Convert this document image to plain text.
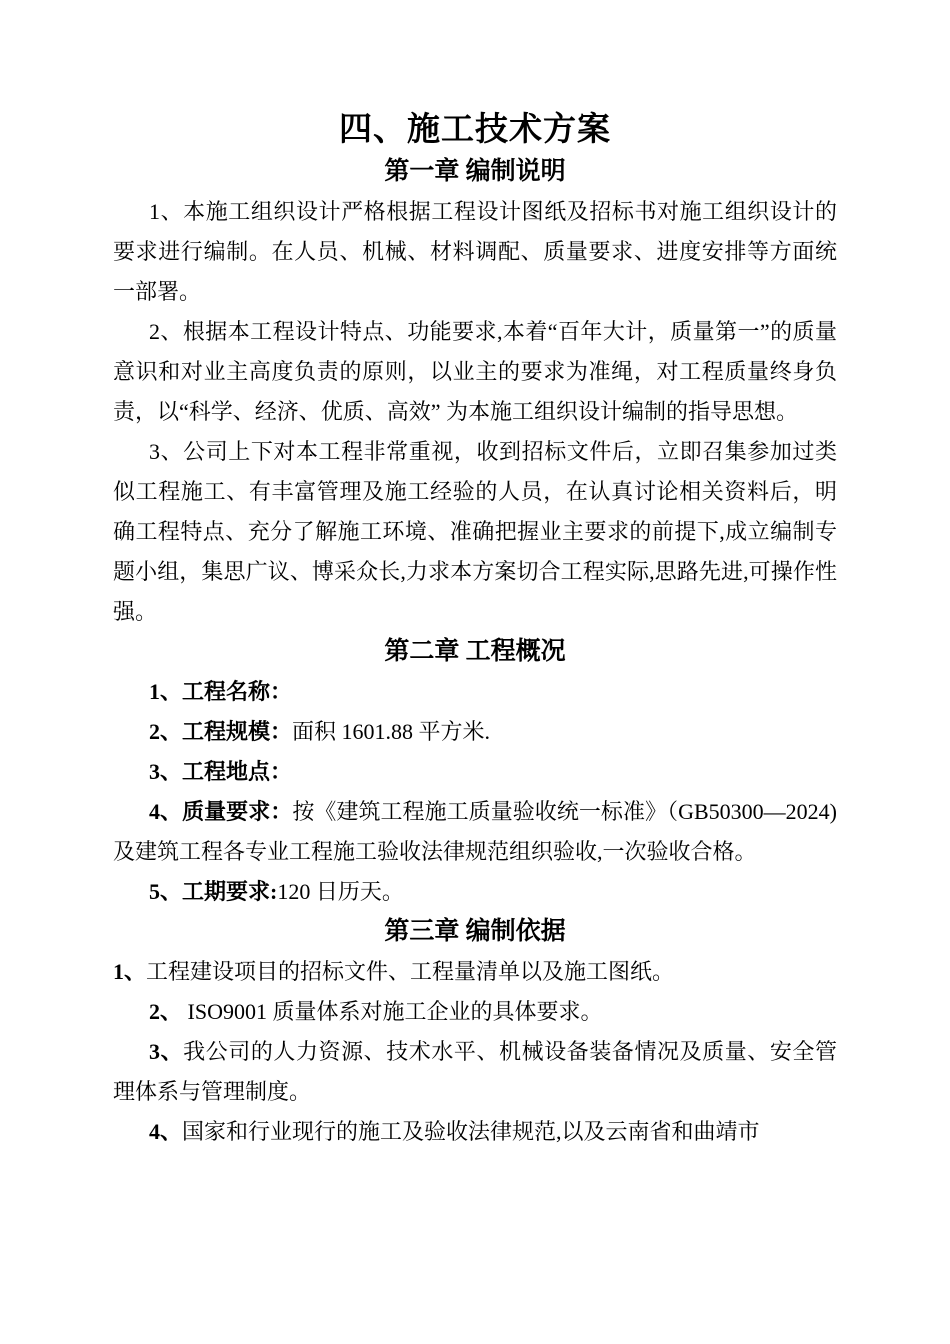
四、施工技术方案
第一章 编制说明

1、本施工组织设计严格根据工程设计图纸及招标书对施工组织设计的要求进行编制。在人员、机械、材料调配、质量要求、进度安排等方面统一部署。

2、根据本工程设计特点、功能要求,本着“百年大计，质量第一”的质量意识和对业主高度负责的原则，以业主的要求为准绳，对工程质量终身负责，以“科学、经济、优质、高效” 为本施工组织设计编制的指导思想。

3、公司上下对本工程非常重视，收到招标文件后，立即召集参加过类似工程施工、有丰富管理及施工经验的人员，在认真讨论相关资料后，明确工程特点、充分了解施工环境、准确把握业主要求的前提下,成立编制专题小组，集思广议、博采众长,力求本方案切合工程实际,思路先进,可操作性强。

第二章 工程概况

1、工程名称：

2、工程规模：面积 1601.88 平方米.

3、工程地点：

4、质量要求：按《建筑工程施工质量验收统一标准》（GB50300—2024)及建筑工程各专业工程施工验收法律规范组织验收,一次验收合格。

5、工期要求:120 日历天。

第三章 编制依据

1、工程建设项目的招标文件、工程量清单以及施工图纸。

2、 ISO9001 质量体系对施工企业的具体要求。

3、我公司的人力资源、技术水平、机械设备装备情况及质量、安全管理体系与管理制度。

4、国家和行业现行的施工及验收法律规范,以及云南省和曲靖市
